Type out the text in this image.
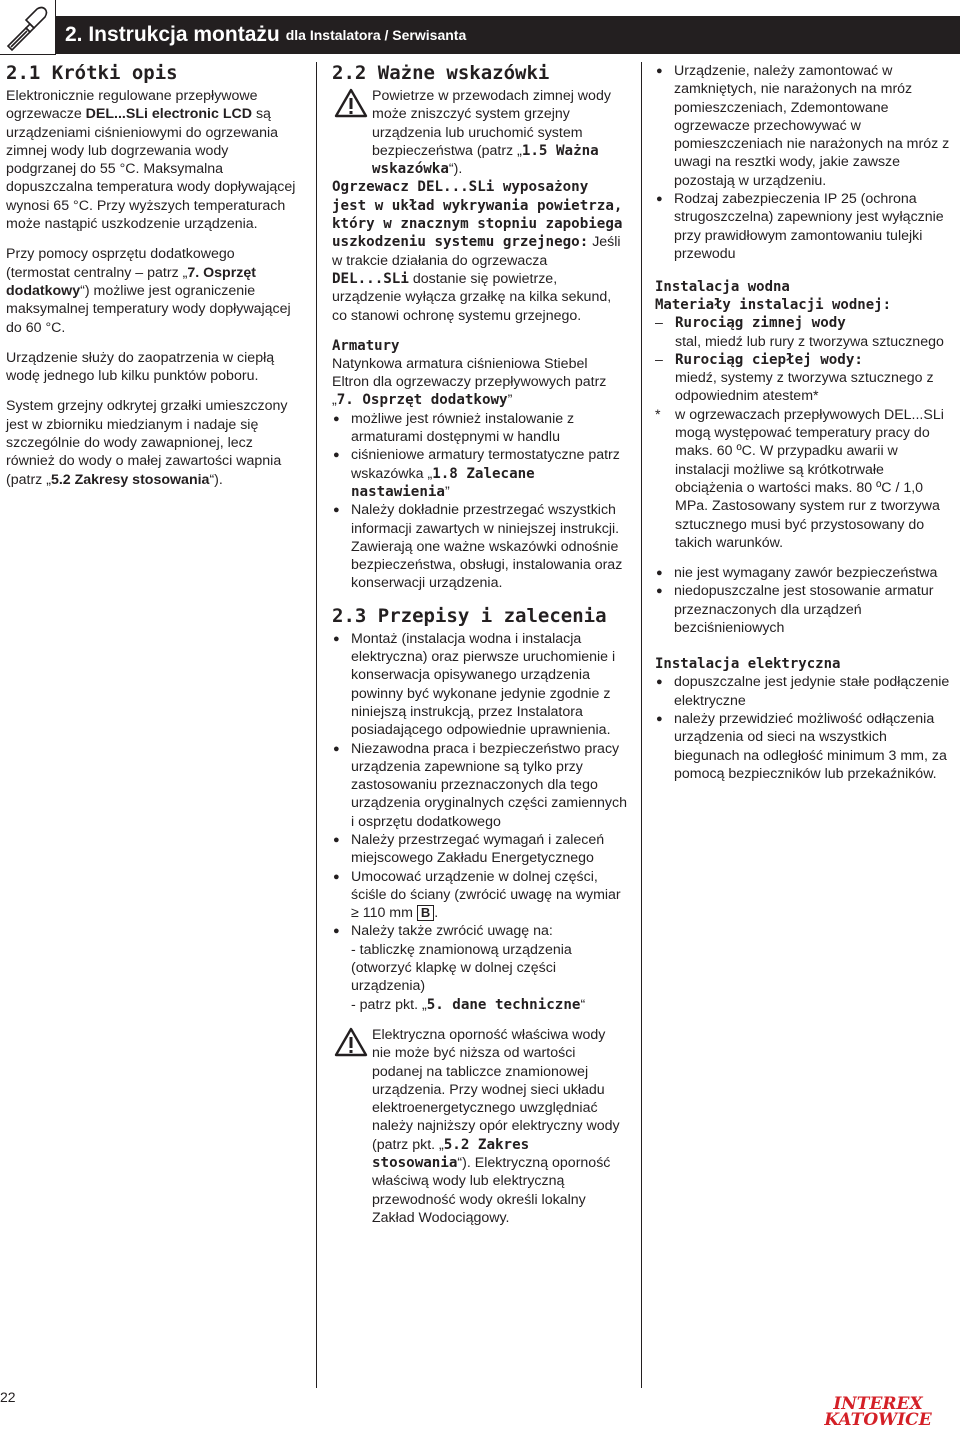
2. Instrukcja montażu dla Instalatora / Serwisanta
2.1 Krótki opis

Elektronicznie regulowane przepływowe ogrzewacze DEL...SLi electronic LCD są urządzeniami ciśnieniowymi do ogrzewania zimnej wody lub dogrzewania wody podgrzanej do 55 °C. Maksymalna dopuszczalna temperatura wody dopływającej wynosi 65 °C. Przy wyższych temperaturach może nastąpić uszkodzenie urządzenia.

Przy pomocy osprzętu dodatkowego (termostat centralny – patrz „7. Osprzęt dodatkowy“) możliwe jest ograniczenie maksymalnej temperatury wody dopływającej do 60 °C.

Urządzenie służy do zaopatrzenia w ciepłą wodę jednego lub kilku punktów poboru.

System grzejny odkrytej grzałki umieszczony jest w zbiorniku miedzianym i nadaje się szczególnie do wody zawapnionej, lecz również do wody o małej zawartości wapnia (patrz „5.2 Zakresy stosowania“).

2.2 Ważne wskazówki
Powietrze w przewodach zimnej wody może zniszczyć system grzejny urządzenia lub uruchomić system bezpieczeństwa (patrz „1.5 Ważna wskazówka“).
Ogrzewacz DEL...SLi wyposażony jest w układ wykrywania powietrza, który w znacznym stopniu zapobiega uszkodzeniu systemu grzejnego: Jeśli w trakcie działania do ogrzewacza DEL...SLi dostanie się powietrze, urządzenie wyłącza grzałkę na kilka sekund, co stanowi ochronę systemu grzejnego.
Armatury
Natynkowa armatura ciśnieniowa Stiebel Eltron dla ogrzewaczy przepływowych patrz „7. Osprzęt dodatkowy”
● możliwe jest również instalowanie z armaturami dostępnymi w handlu
● ciśnieniowe armatury termostatyczne patrz wskazówka „1.8 Zalecane nastawienia”
● Należy dokładnie przestrzegać wszystkich informacji zawartych w niniejszej instrukcji. Zawierają one ważne wskazówki odnośnie bezpieczeństwa, obsługi, instalowania oraz konserwacji urządzenia.
2.3 Przepisy i zalecenia
● Montaż (instalacja wodna i instalacja elektryczna) oraz pierwsze uruchomienie i konserwacja opisywanego urządzenia powinny być wykonane jedynie zgodnie z niniejszą instrukcją, przez Instalatora posiadającego odpowiednie uprawnienia.
● Niezawodna praca i bezpieczeństwo pracy urządzenia zapewnione są tylko przy zastosowaniu przeznaczonych dla tego urządzenia oryginalnych części zamiennych i osprzętu dodatkowego
● Należy przestrzegać wymagań i zaleceń miejscowego Zakładu Energetycznego
● Umocować urządzenie w dolnej części, ściśle do ściany (zwrócić uwagę na wymiar ≥ 110 mm B .
● Należy także zwrócić uwagę na:
- tabliczkę znamionową urządzenia (otworzyć klapkę w dolnej części urządzenia)
- patrz pkt. „5. dane techniczne“
Elektryczna oporność właściwa wody nie może być niższa od wartości podanej na tabliczce znamionowej urządzenia. Przy wodnej sieci układu elektroenergetycznego uwzględniać należy najniższy opór elektryczny wody (patrz pkt. „5.2 Zakres stosowania“). Elektryczną oporność właściwą wody lub elektryczną przewodność wody określi lokalny Zakład Wodociągowy.
● Urządzenie, należy zamontować w zamkniętych, nie narażonych na mróz pomieszczeniach, Zdemontowane ogrzewacze przechowywać w pomieszczeniach nie narażonych na mróz z uwagi na resztki wody, jakie zawsze pozostają w urządzeniu.
● Rodzaj zabezpieczenia IP 25 (ochrona strugoszczelna) zapewniony jest wyłącznie przy prawidłowym zamontowaniu tulejki przewodu
Instalacja wodna
Materiały instalacji wodnej:
– Rurociąg zimnej wody
stal, miedź lub rury z tworzywa sztucznego
– Rurociąg ciepłej wody:
miedź, systemy z tworzywa sztucznego z odpowiednim atestem*
* w ogrzewaczach przepływowych DEL...SLi mogą występować temperatury pracy do maks. 60 ºC. W przypadku awarii w instalacji możliwe są krótkotrwałe obciążenia o wartości maks. 80 ºC / 1,0 MPa. Zastosowany system rur z tworzywa sztucznego musi być przystosowany do takich warunków.
● nie jest wymagany zawór bezpieczeństwa
● niedopuszczalne jest stosowanie armatur przeznaczonych dla urządzeń bezciśnieniowych
Instalacja elektryczna
● dopuszczalne jest jedynie stałe podłączenie elektryczne
● należy przewidzieć możliwość odłączenia urządzenia od sieci na wszystkich biegunach na odległość minimum 3 mm, za pomocą bezpieczników lub przekaźników.
22	INTEREX
KATOWICE
